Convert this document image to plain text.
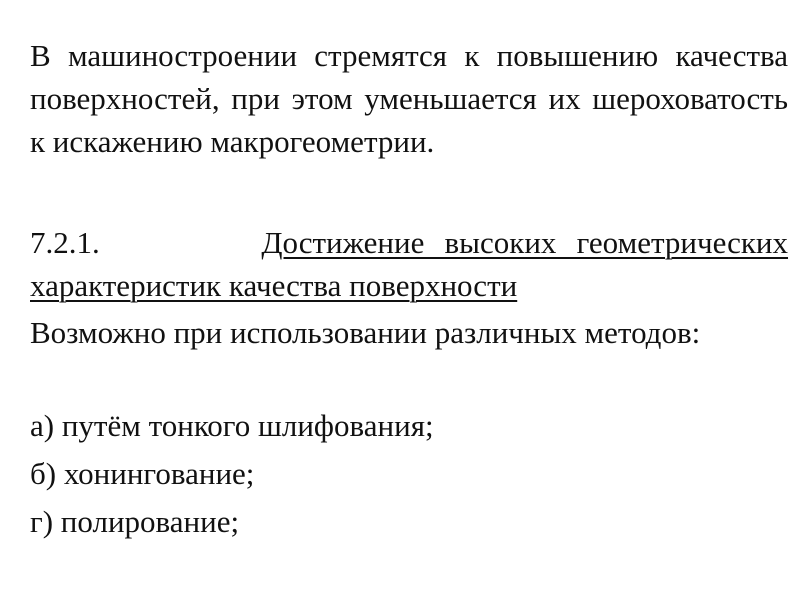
В машиностроении стремятся к повышению качества поверхностей, при этом уменьшается их шероховатость к искажению макрогеометрии.

7.2.1.	Достижение высоких геометрических характеристик качества поверхности

Возможно при использовании различных методов:

а) путём тонкого шлифования;

б) хонингование;

г) полирование;
